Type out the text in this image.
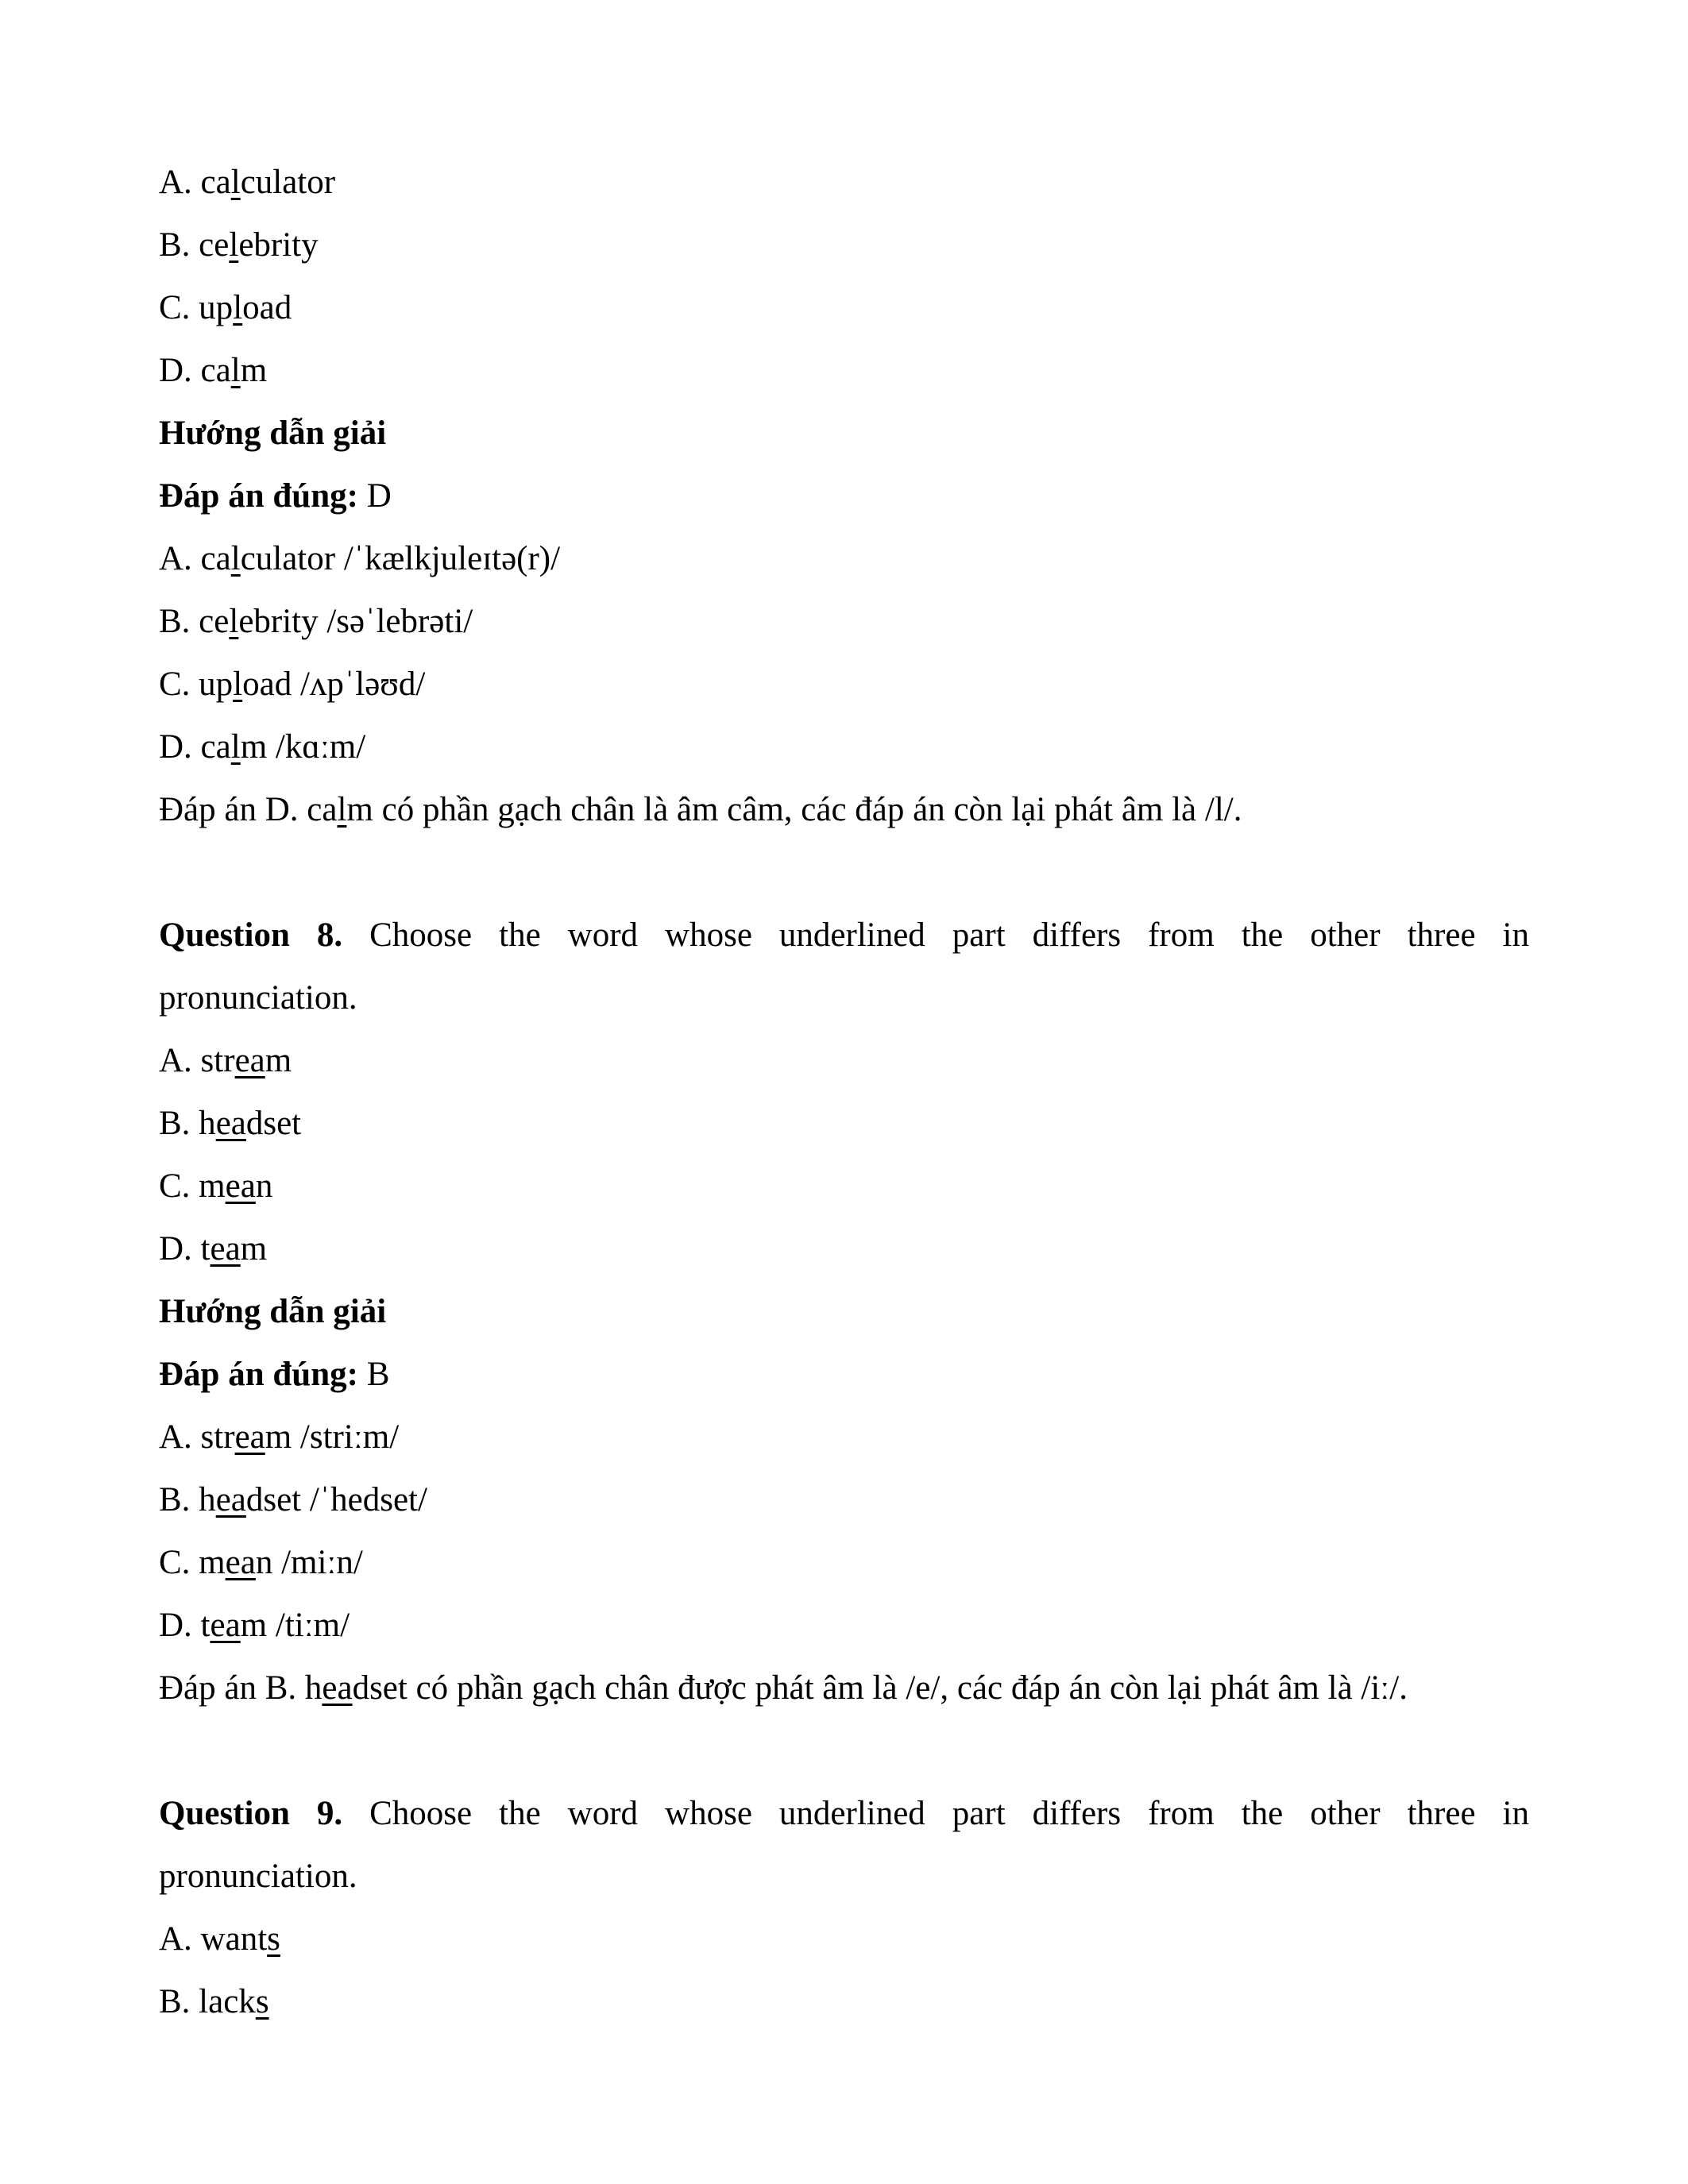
A. calculator
B. celebrity
C. upload
D. calm
Hướng dẫn giải
Đáp án đúng: D
A. calculator /ˈkælkjuleɪtə(r)/
B. celebrity /səˈlebrəti/
C. upload /ʌpˈləʊd/
D. calm /kɑːm/
Đáp án D. calm có phần gạch chân là âm câm, các đáp án còn lại phát âm là /l/.
Question 8. Choose the word whose underlined part differs from the other three in
pronunciation.
A. stream
B. headset
C. mean
D. team
Hướng dẫn giải
Đáp án đúng: B
A. stream /striːm/
B. headset /ˈhedset/
C. mean /miːn/
D. team /tiːm/
Đáp án B. headset có phần gạch chân được phát âm là /e/, các đáp án còn lại phát âm là /iː/.
Question 9. Choose the word whose underlined part differs from the other three in
pronunciation.
A. wants
B. lacks
